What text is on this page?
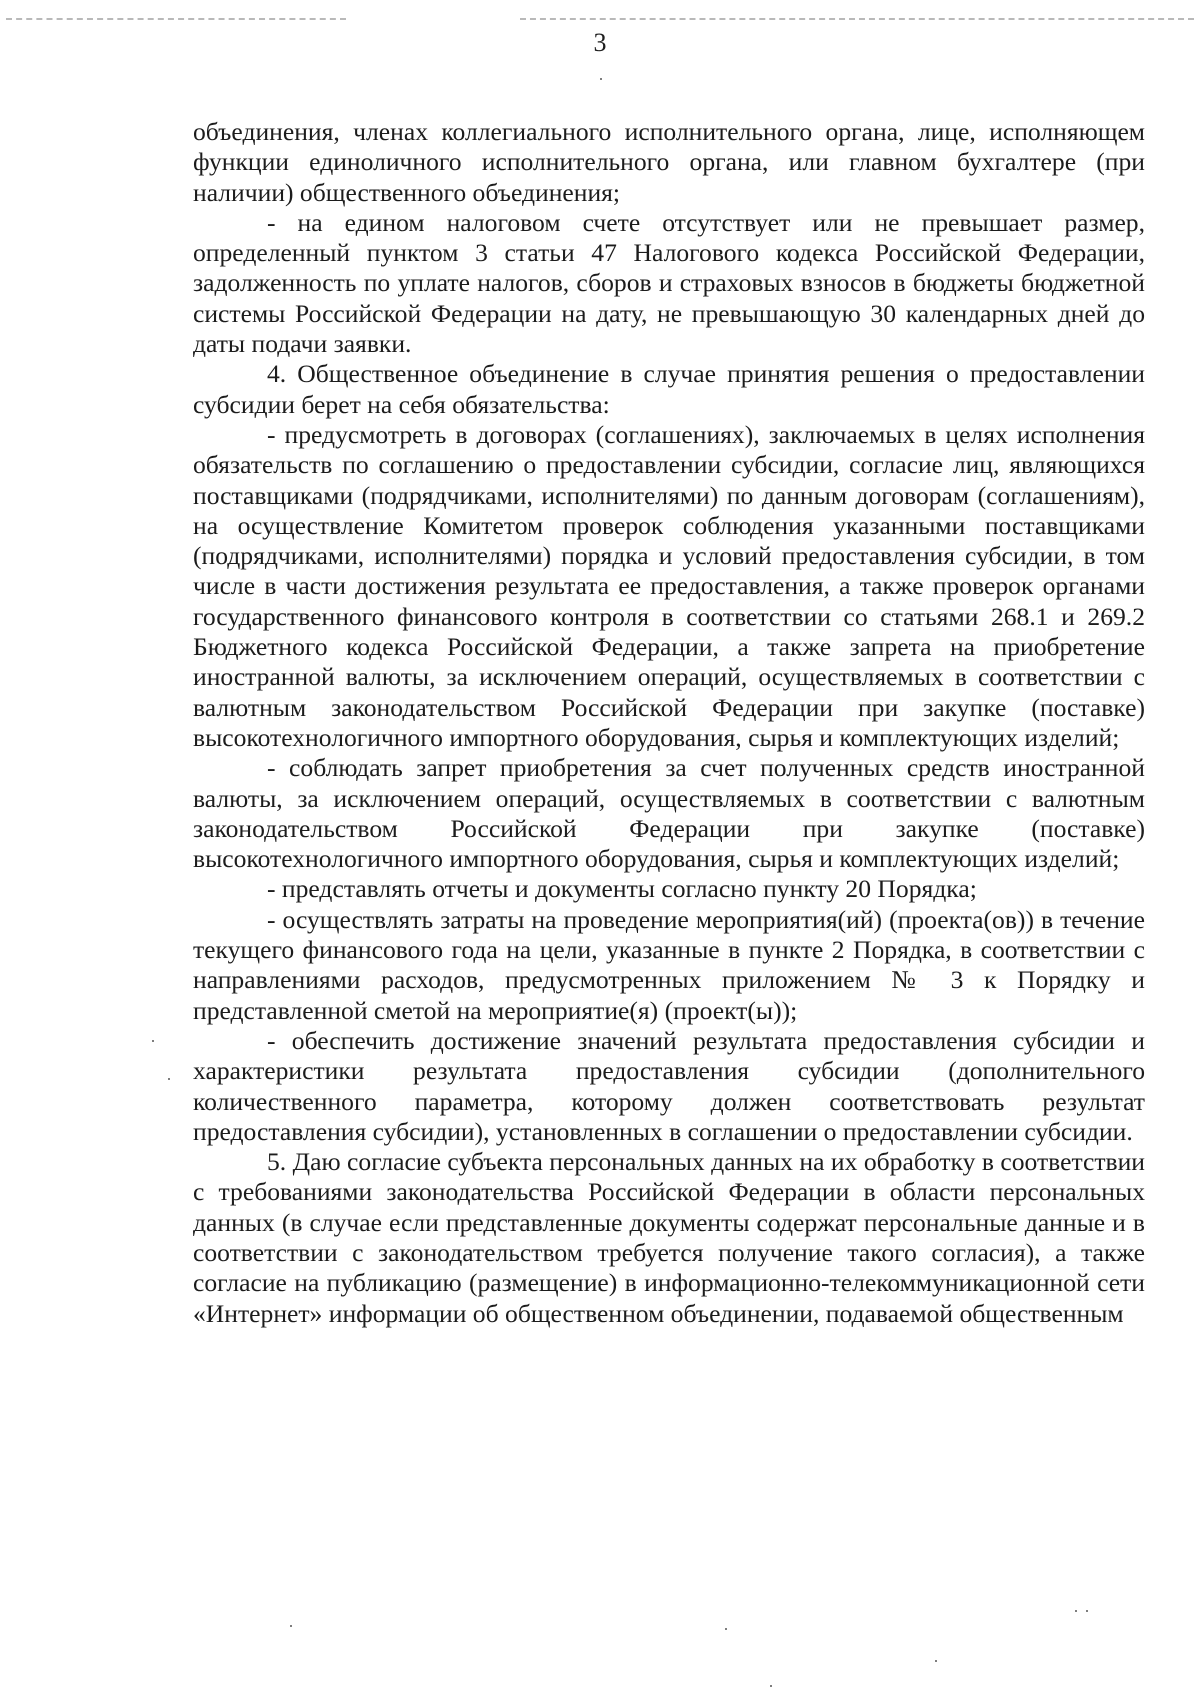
3

объединения, членах коллегиального исполнительного органа, лице, исполняющем функции единоличного исполнительного органа, или главном бухгалтере (при наличии) общественного объединения;

- на едином налоговом счете отсутствует или не превышает размер, определенный пунктом 3 статьи 47 Налогового кодекса Российской Федерации, задолженность по уплате налогов, сборов и страховых взносов в бюджеты бюджетной системы Российской Федерации на дату, не превышающую 30 календарных дней до даты подачи заявки.

4. Общественное объединение в случае принятия решения о предоставлении субсидии берет на себя обязательства:

- предусмотреть в договорах (соглашениях), заключаемых в целях исполнения обязательств по соглашению о предоставлении субсидии, согласие лиц, являющихся поставщиками (подрядчиками, исполнителями) по данным договорам (соглашениям), на осуществление Комитетом проверок соблюдения указанными поставщиками (подрядчиками, исполнителями) порядка и условий предоставления субсидии, в том числе в части достижения результата ее предоставления, а также проверок органами государственного финансового контроля в соответствии со статьями 268.1 и 269.2 Бюджетного кодекса Российской Федерации, а также запрета на приобретение иностранной валюты, за исключением операций, осуществляемых в соответствии с валютным законодательством Российской Федерации при закупке (поставке) высокотехнологичного импортного оборудования, сырья и комплектующих изделий;

- соблюдать запрет приобретения за счет полученных средств иностранной валюты, за исключением операций, осуществляемых в соответствии с валютным законодательством Российской Федерации при закупке (поставке) высокотехнологичного импортного оборудования, сырья и комплектующих изделий;

- представлять отчеты и документы согласно пункту 20 Порядка;

- осуществлять затраты на проведение мероприятия(ий) (проекта(ов)) в течение текущего финансового года на цели, указанные в пункте 2 Порядка, в соответствии с направлениями расходов, предусмотренных приложением № 3 к Порядку и представленной сметой на мероприятие(я) (проект(ы));

- обеспечить достижение значений результата предоставления субсидии и характеристики результата предоставления субсидии (дополнительного количественного параметра, которому должен соответствовать результат предоставления субсидии), установленных в соглашении о предоставлении субсидии.

5. Даю согласие субъекта персональных данных на их обработку в соответствии с требованиями законодательства Российской Федерации в области персональных данных (в случае если представленные документы содержат персональные данные и в соответствии с законодательством требуется получение такого согласия), а также согласие на публикацию (размещение) в информационно-телекоммуникационной сети «Интернет» информации об общественном объединении, подаваемой общественным
